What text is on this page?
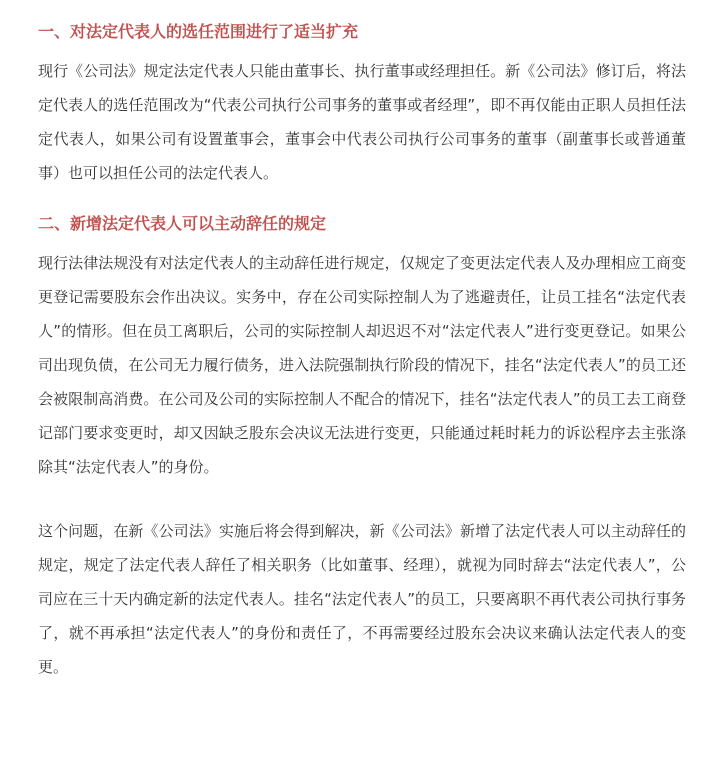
一、对法定代表人的选任范围进行了适当扩充

现行《公司法》规定法定代表人只能由董事长、执行董事或经理担任。新《公司法》修订后，将法定代表人的选任范围改为“代表公司执行公司事务的董事或者经理”，即不再仅能由正职人员担任法定代表人，如果公司有设置董事会，董事会中代表公司执行公司事务的董事（副董事长或普通董事）也可以担任公司的法定代表人。

二、新增法定代表人可以主动辞任的规定

现行法律法规没有对法定代表人的主动辞任进行规定，仅规定了变更法定代表人及办理相应工商变更登记需要股东会作出决议。实务中，存在公司实际控制人为了逃避责任，让员工挂名“法定代表人”的情形。但在员工离职后，公司的实际控制人却迟迟不对“法定代表人”进行变更登记。如果公司出现负债，在公司无力履行债务，进入法院强制执行阶段的情况下，挂名“法定代表人”的员工还会被限制高消费。在公司及公司的实际控制人不配合的情况下，挂名“法定代表人”的员工去工商登记部门要求变更时，却又因缺乏股东会决议无法进行变更，只能通过耗时耗力的诉讼程序去主张涤除其“法定代表人”的身份。

这个问题，在新《公司法》实施后将会得到解决，新《公司法》新增了法定代表人可以主动辞任的规定，规定了法定代表人辞任了相关职务（比如董事、经理），就视为同时辞去“法定代表人”，公司应在三十天内确定新的法定代表人。挂名“法定代表人”的员工，只要离职不再代表公司执行事务了，就不再承担“法定代表人”的身份和责任了，不再需要经过股东会决议来确认法定代表人的变更。
